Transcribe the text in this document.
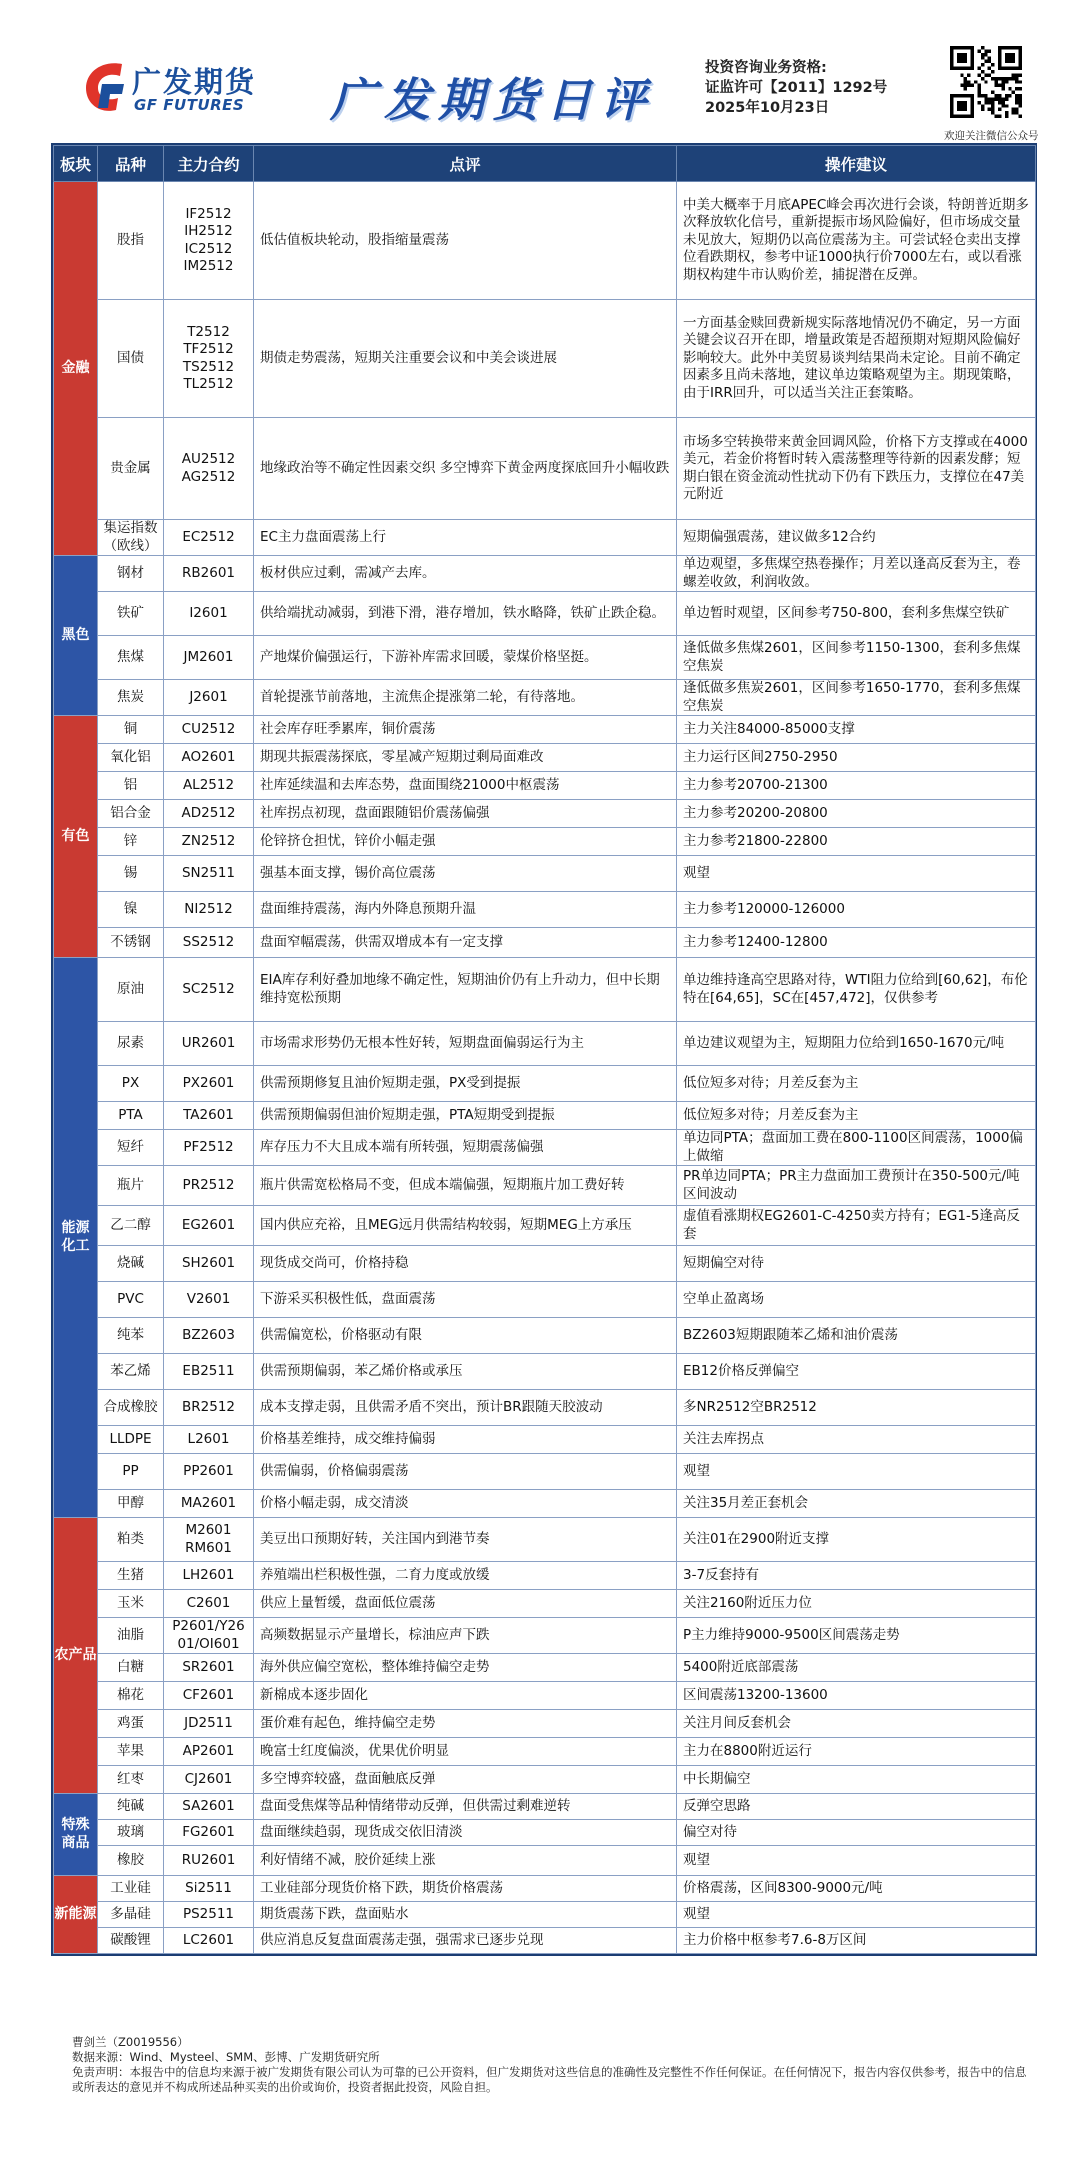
广发期货
GF FUTURES 广发期货日评
投资咨询业务资格:
证监许可【2011】1292号
2025年10月23日
欢迎关注微信公众号
板块	品种	主力合约	点评	操作建议
金融	股指	IF2512
IH2512
IC2512
IM2512	低估值板块轮动，股指缩量震荡	中美大概率于月底APEC峰会再次进行会谈，特朗普近期多次释放软化信号，重新提振市场风险偏好，但市场成交量未见放大，短期仍以高位震荡为主。可尝试轻仓卖出支撑位看跌期权，参考中证1000执行价7000左右，或以看涨期权构建牛市认购价差，捕捉潜在反弹。
	国债	T2512
TF2512
TS2512
TL2512	期债走势震荡，短期关注重要会议和中美会谈进展	一方面基金赎回费新规实际落地情况仍不确定，另一方面关键会议召开在即，增量政策是否超预期对短期风险偏好影响较大。此外中美贸易谈判结果尚未定论。目前不确定因素多且尚未落地，建议单边策略观望为主。期现策略，由于IRR回升，可以适当关注正套策略。
	贵金属	AU2512
AG2512	地缘政治等不确定性因素交织 多空博弈下黄金两度探底回升小幅收跌	市场多空转换带来黄金回调风险，价格下方支撑或在4000美元，若金价将暂时转入震荡整理等待新的因素发酵；短期白银在资金流动性扰动下仍有下跌压力，支撑位在47美元附近
	集运指数
（欧线）	EC2512	EC主力盘面震荡上行	短期偏强震荡，建议做多12合约
黑色	钢材	RB2601	板材供应过剩，需减产去库。	单边观望，多焦煤空热卷操作；月差以逢高反套为主，卷螺差收敛，利润收敛。
	铁矿	I2601	供给端扰动减弱，到港下滑，港存增加，铁水略降，铁矿止跌企稳。	单边暂时观望，区间参考750-800，套利多焦煤空铁矿
	焦煤	JM2601	产地煤价偏强运行，下游补库需求回暖，蒙煤价格坚挺。	逢低做多焦煤2601，区间参考1150-1300，套利多焦煤空焦炭
	焦炭	J2601	首轮提涨节前落地，主流焦企提涨第二轮，有待落地。	逢低做多焦炭2601，区间参考1650-1770，套利多焦煤空焦炭
有色	铜	CU2512	社会库存旺季累库，铜价震荡	主力关注84000-85000支撑
	氧化铝	AO2601	期现共振震荡探底，零星减产短期过剩局面难改	主力运行区间2750-2950
	铝	AL2512	社库延续温和去库态势，盘面围绕21000中枢震荡	主力参考20700-21300
	铝合金	AD2512	社库拐点初现，盘面跟随铝价震荡偏强	主力参考20200-20800
	锌	ZN2512	伦锌挤仓担忧，锌价小幅走强	主力参考21800-22800
	锡	SN2511	强基本面支撑，锡价高位震荡	观望
	镍	NI2512	盘面维持震荡，海内外降息预期升温	主力参考120000-126000
	不锈钢	SS2512	盘面窄幅震荡，供需双增成本有一定支撑	主力参考12400-12800
能源
化工	原油	SC2512	EIA库存利好叠加地缘不确定性，短期油价仍有上升动力，但中长期维持宽松预期	单边维持逢高空思路对待，WTI阻力位给到[60,62]，布伦特在[64,65]，SC在[457,472]，仅供参考
	尿素	UR2601	市场需求形势仍无根本性好转，短期盘面偏弱运行为主	单边建议观望为主，短期阻力位给到1650-1670元/吨
	PX	PX2601	供需预期修复且油价短期走强，PX受到提振	低位短多对待；月差反套为主
	PTA	TA2601	供需预期偏弱但油价短期走强，PTA短期受到提振	低位短多对待；月差反套为主
	短纤	PF2512	库存压力不大且成本端有所转强，短期震荡偏强	单边同PTA；盘面加工费在800-1100区间震荡，1000偏上做缩
	瓶片	PR2512	瓶片供需宽松格局不变，但成本端偏强，短期瓶片加工费好转	PR单边同PTA；PR主力盘面加工费预计在350-500元/吨区间波动
	乙二醇	EG2601	国内供应充裕，且MEG远月供需结构较弱，短期MEG上方承压	虚值看涨期权EG2601-C-4250卖方持有；EG1-5逢高反套
	烧碱	SH2601	现货成交尚可，价格持稳	短期偏空对待
	PVC	V2601	下游采买积极性低，盘面震荡	空单止盈离场
	纯苯	BZ2603	供需偏宽松，价格驱动有限	BZ2603短期跟随苯乙烯和油价震荡
	苯乙烯	EB2511	供需预期偏弱，苯乙烯价格或承压	EB12价格反弹偏空
	合成橡胶	BR2512	成本支撑走弱，且供需矛盾不突出，预计BR跟随天胶波动	多NR2512空BR2512
	LLDPE	L2601	价格基差维持，成交维持偏弱	关注去库拐点
	PP	PP2601	供需偏弱，价格偏弱震荡	观望
	甲醇	MA2601	价格小幅走弱，成交清淡	关注35月差正套机会
农产品	粕类	M2601
RM601	美豆出口预期好转，关注国内到港节奏	关注01在2900附近支撑
	生猪	LH2601	养殖端出栏积极性强，二育力度或放缓	3-7反套持有
	玉米	C2601	供应上量暂缓，盘面低位震荡	关注2160附近压力位
	油脂	P2601/Y26
01/OI601	高频数据显示产量增长，棕油应声下跌	P主力维持9000-9500区间震荡走势
	白糖	SR2601	海外供应偏空宽松，整体维持偏空走势	5400附近底部震荡
	棉花	CF2601	新棉成本逐步固化	区间震荡13200-13600
	鸡蛋	JD2511	蛋价难有起色，维持偏空走势	关注月间反套机会
	苹果	AP2601	晚富士红度偏淡，优果优价明显	主力在8800附近运行
	红枣	CJ2601	多空博弈较盛，盘面触底反弹	中长期偏空
特殊
商品	纯碱	SA2601	盘面受焦煤等品种情绪带动反弹，但供需过剩难逆转	反弹空思路
	玻璃	FG2601	盘面继续趋弱，现货成交依旧清淡	偏空对待
	橡胶	RU2601	利好情绪不减，胶价延续上涨	观望
新能源	工业硅	Si2511	工业硅部分现货价格下跌，期货价格震荡	价格震荡，区间8300-9000元/吨
	多晶硅	PS2511	期货震荡下跌，盘面贴水	观望
	碳酸锂	LC2601	供应消息反复盘面震荡走强，强需求已逐步兑现	主力价格中枢参考7.6-8万区间
曹剑兰（Z0019556）
数据来源：Wind、Mysteel、SMM、彭博、广发期货研究所
免责声明：本报告中的信息均来源于被广发期货有限公司认为可靠的已公开资料，但广发期货对这些信息的准确性及完整性不作任何保证。在任何情况下，报告内容仅供参考，报告中的信息或所表达的意见并不构成所述品种买卖的出价或询价，投资者据此投资，风险自担。
